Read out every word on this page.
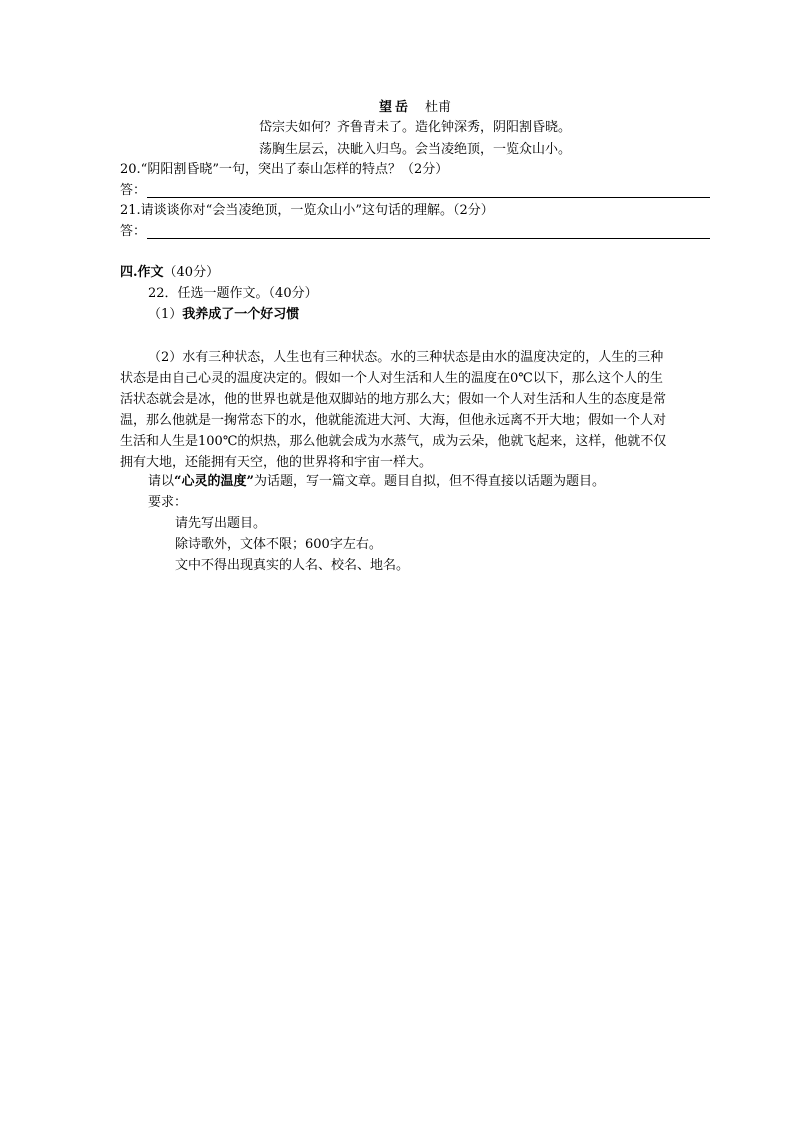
望岳 杜甫
岱宗夫如何？齐鲁青未了。造化钟深秀，阴阳割昏晓。
荡胸生层云，决眦入归鸟。会当凌绝顶，一览众山小。
20.“阴阳割昏晓”一句，突出了泰山怎样的特点？（2分）
答：
21.请谈谈你对“会当凌绝顶，一览众山小”这句话的理解。（2分）
答：
四.作文（40分）
22．任选一题作文。（40分）
（1）我养成了一个好习惯
（2）水有三种状态，人生也有三种状态。水的三种状态是由水的温度决定的，人生的三种
状态是由自己心灵的温度决定的。假如一个人对生活和人生的温度在0℃以下，那么这个人的生
活状态就会是冰，他的世界也就是他双脚站的地方那么大；假如一个人对生活和人生的态度是常
温，那么他就是一掬常态下的水，他就能流进大河、大海，但他永远离不开大地；假如一个人对
生活和人生是100℃的炽热，那么他就会成为水蒸气，成为云朵，他就飞起来，这样，他就不仅
拥有大地，还能拥有天空，他的世界将和宇宙一样大。
请以“心灵的温度”为话题，写一篇文章。题目自拟，但不得直接以话题为题目。
要求：
请先写出题目。
除诗歌外，文体不限；600字左右。
文中不得出现真实的人名、校名、地名。
